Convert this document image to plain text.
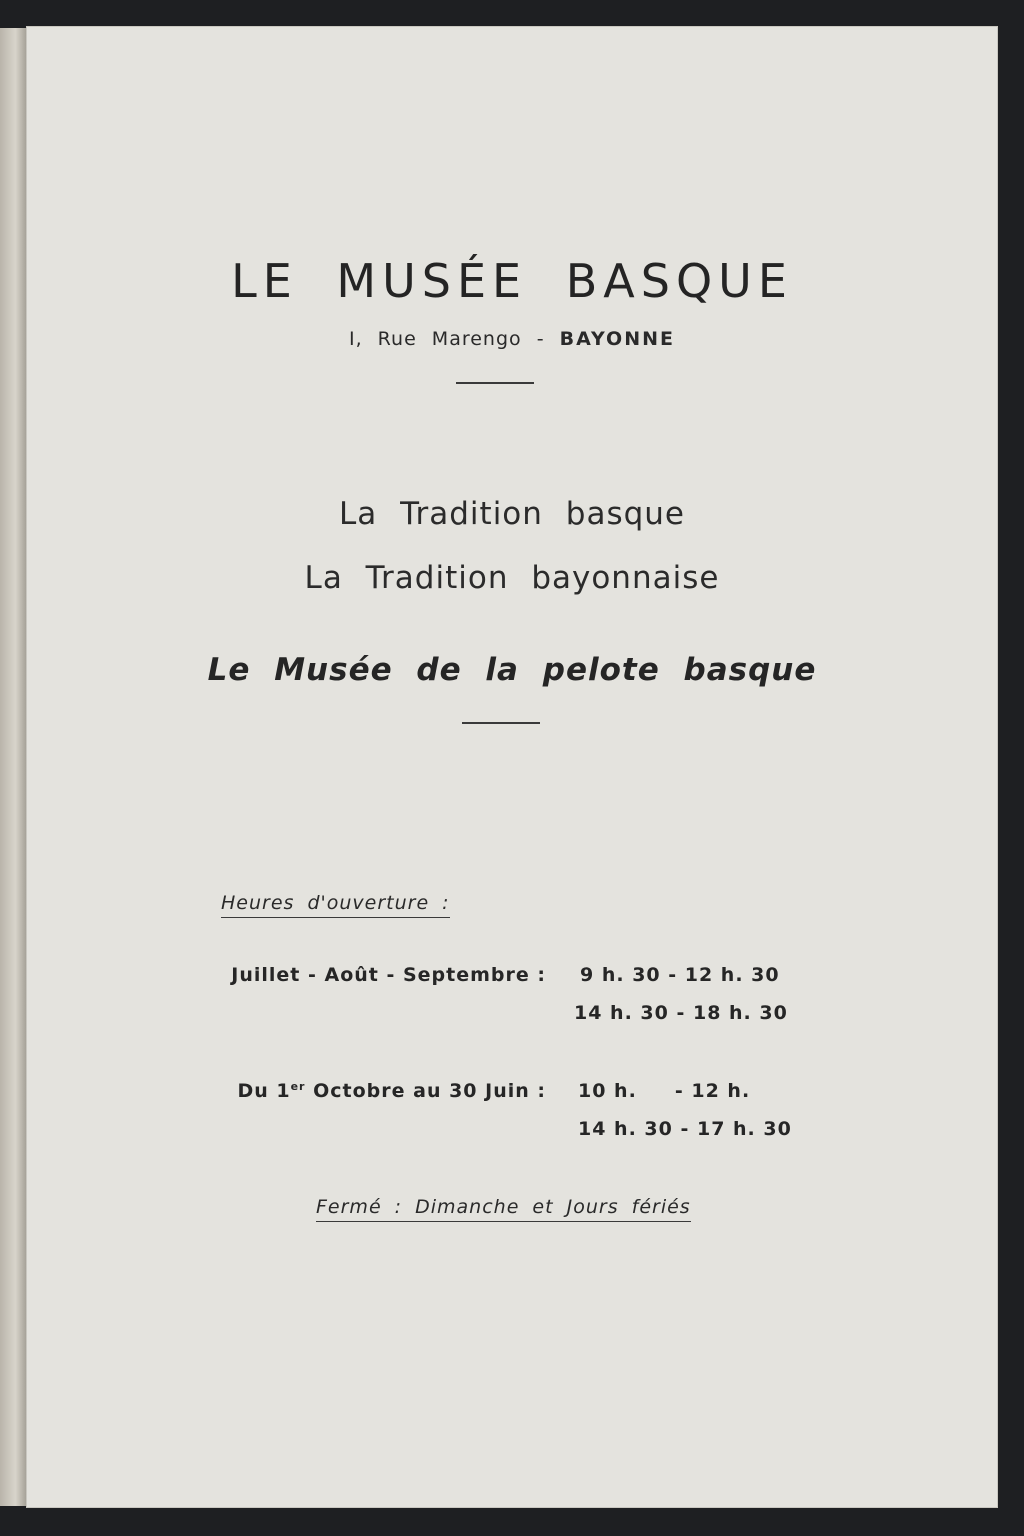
LE MUSÉE BASQUE
I, Rue Marengo - BAYONNE
La Tradition basque
La Tradition bayonnaise
Le Musée de la pelote basque
Heures d'ouverture :
Juillet - Août - Septembre : 9 h. 30 - 12 h. 30
14 h. 30 - 18 h. 30
Du 1er Octobre au 30 Juin : 10 h.     - 12 h.
14 h. 30 - 17 h. 30
Fermé : Dimanche et Jours fériés
